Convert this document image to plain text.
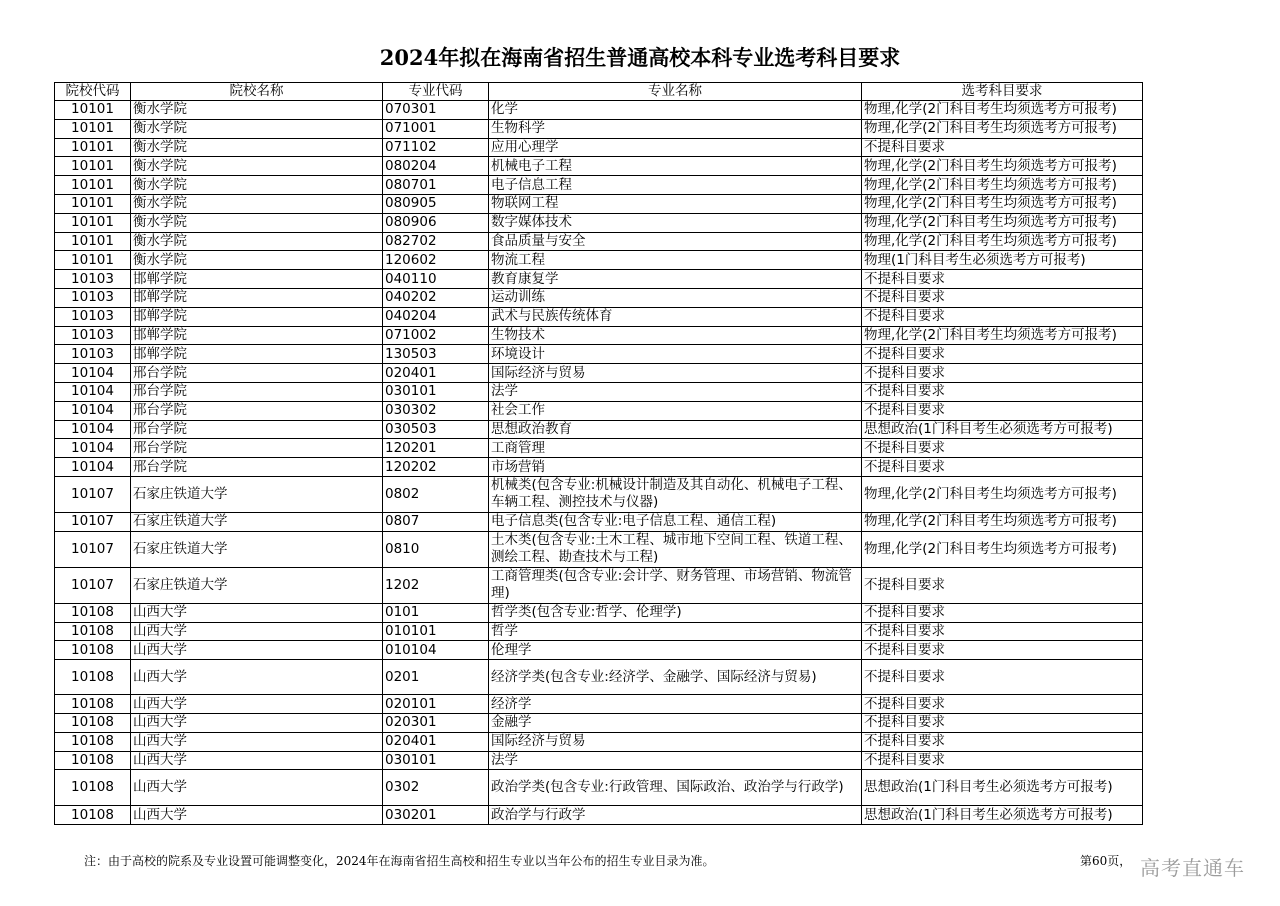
2024年拟在海南省招生普通高校本科专业选考科目要求
院校代码	院校名称	专业代码	专业名称	选考科目要求
10101	衡水学院	070301	化学	物理,化学(2门科目考生均须选考方可报考)
10101	衡水学院	071001	生物科学	物理,化学(2门科目考生均须选考方可报考)
10101	衡水学院	071102	应用心理学	不提科目要求
10101	衡水学院	080204	机械电子工程	物理,化学(2门科目考生均须选考方可报考)
10101	衡水学院	080701	电子信息工程	物理,化学(2门科目考生均须选考方可报考)
10101	衡水学院	080905	物联网工程	物理,化学(2门科目考生均须选考方可报考)
10101	衡水学院	080906	数字媒体技术	物理,化学(2门科目考生均须选考方可报考)
10101	衡水学院	082702	食品质量与安全	物理,化学(2门科目考生均须选考方可报考)
10101	衡水学院	120602	物流工程	物理(1门科目考生必须选考方可报考)
10103	邯郸学院	040110	教育康复学	不提科目要求
10103	邯郸学院	040202	运动训练	不提科目要求
10103	邯郸学院	040204	武术与民族传统体育	不提科目要求
10103	邯郸学院	071002	生物技术	物理,化学(2门科目考生均须选考方可报考)
10103	邯郸学院	130503	环境设计	不提科目要求
10104	邢台学院	020401	国际经济与贸易	不提科目要求
10104	邢台学院	030101	法学	不提科目要求
10104	邢台学院	030302	社会工作	不提科目要求
10104	邢台学院	030503	思想政治教育	思想政治(1门科目考生必须选考方可报考)
10104	邢台学院	120201	工商管理	不提科目要求
10104	邢台学院	120202	市场营销	不提科目要求
10107	石家庄铁道大学	0802	机械类(包含专业:机械设计制造及其自动化、机械电子工程、车辆工程、测控技术与仪器)	物理,化学(2门科目考生均须选考方可报考)
10107	石家庄铁道大学	0807	电子信息类(包含专业:电子信息工程、通信工程)	物理,化学(2门科目考生均须选考方可报考)
10107	石家庄铁道大学	0810	土木类(包含专业:土木工程、城市地下空间工程、铁道工程、测绘工程、勘查技术与工程)	物理,化学(2门科目考生均须选考方可报考)
10107	石家庄铁道大学	1202	工商管理类(包含专业:会计学、财务管理、市场营销、物流管理)	不提科目要求
10108	山西大学	0101	哲学类(包含专业:哲学、伦理学)	不提科目要求
10108	山西大学	010101	哲学	不提科目要求
10108	山西大学	010104	伦理学	不提科目要求
10108	山西大学	0201	经济学类(包含专业:经济学、金融学、国际经济与贸易)	不提科目要求
10108	山西大学	020101	经济学	不提科目要求
10108	山西大学	020301	金融学	不提科目要求
10108	山西大学	020401	国际经济与贸易	不提科目要求
10108	山西大学	030101	法学	不提科目要求
10108	山西大学	0302	政治学类(包含专业:行政管理、国际政治、政治学与行政学)	思想政治(1门科目考生必须选考方可报考)
10108	山西大学	030201	政治学与行政学	思想政治(1门科目考生必须选考方可报考)
注：由于高校的院系及专业设置可能调整变化，2024年在海南省招生高校和招生专业以当年公布的招生专业目录为准。	第60页， 高考直通车
